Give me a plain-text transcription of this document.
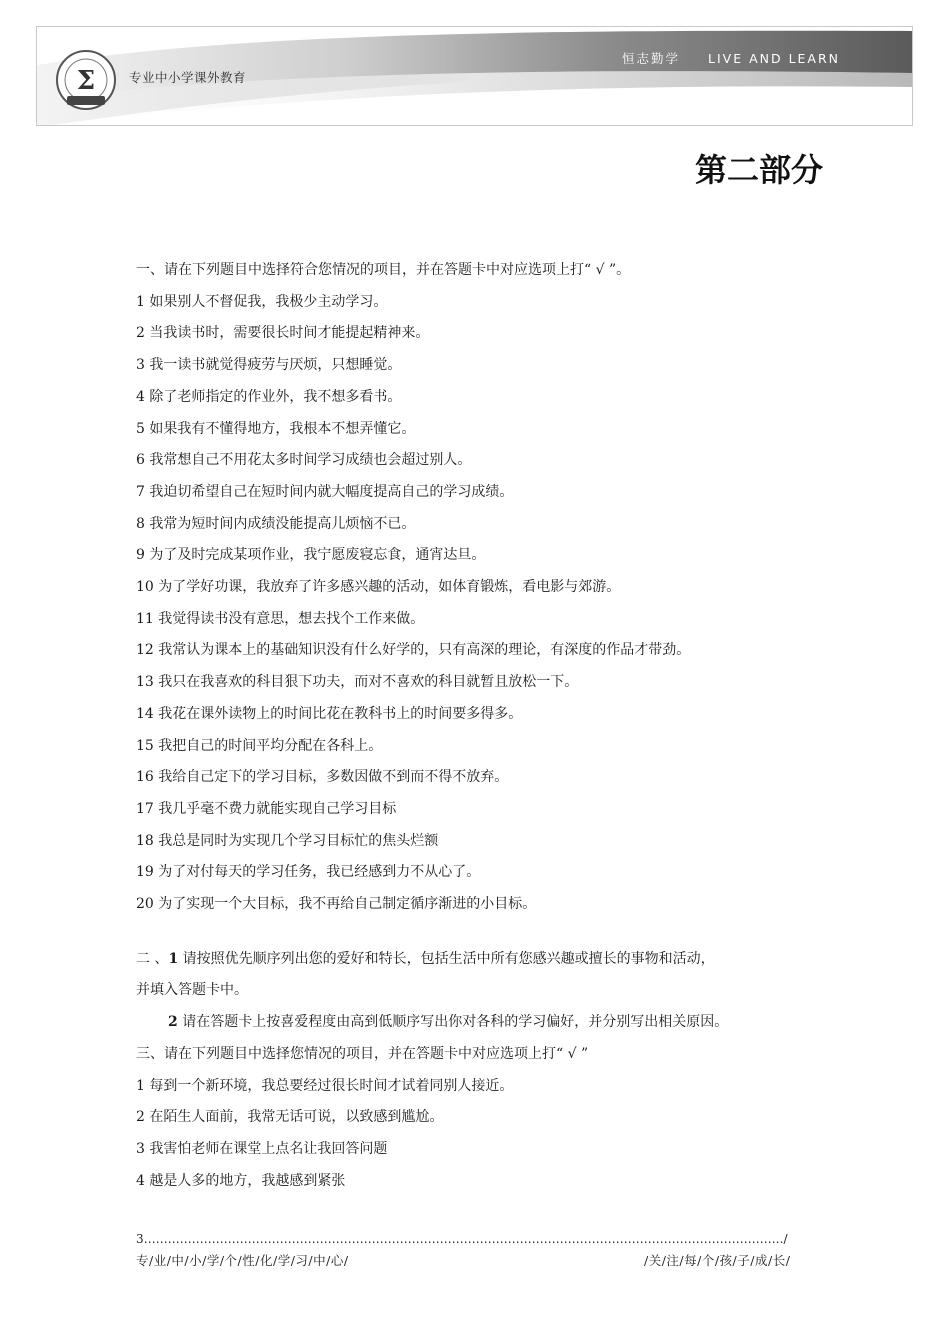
Σ	专业中小学课外教育
恒志勤学 LIVE AND LEARN
第二部分
一、请在下列题目中选择符合您情况的项目，并在答题卡中对应选项上打“ √ ”。
1 如果别人不督促我，我极少主动学习。
2 当我读书时，需要很长时间才能提起精神来。
3 我一读书就觉得疲劳与厌烦，只想睡觉。
4 除了老师指定的作业外，我不想多看书。
5 如果我有不懂得地方，我根本不想弄懂它。
6 我常想自己不用花太多时间学习成绩也会超过别人。
7 我迫切希望自己在短时间内就大幅度提高自己的学习成绩。
8 我常为短时间内成绩没能提高儿烦恼不已。
9 为了及时完成某项作业，我宁愿废寝忘食，通宵达旦。
10 为了学好功课，我放弃了许多感兴趣的活动，如体育锻炼，看电影与郊游。
11 我觉得读书没有意思，想去找个工作来做。
12 我常认为课本上的基础知识没有什么好学的，只有高深的理论，有深度的作品才带劲。
13 我只在我喜欢的科目狠下功夫，而对不喜欢的科目就暂且放松一下。
14 我花在课外读物上的时间比花在教科书上的时间要多得多。
15 我把自己的时间平均分配在各科上。
16 我给自己定下的学习目标，多数因做不到而不得不放弃。
17 我几乎毫不费力就能实现自己学习目标
18 我总是同时为实现几个学习目标忙的焦头烂额
19 为了对付每天的学习任务，我已经感到力不从心了。
20 为了实现一个大目标，我不再给自己制定循序渐进的小目标。
二 、1 请按照优先顺序列出您的爱好和特长，包括生活中所有您感兴趣或擅长的事物和活动，
并填入答题卡中。
2 请在答题卡上按喜爱程度由高到低顺序写出你对各科的学习偏好，并分别写出相关原因。
三、请在下列题目中选择您情况的项目，并在答题卡中对应选项上打“ √ ”
1 每到一个新环境，我总要经过很长时间才试着同别人接近。
2 在陌生人面前，我常无话可说，以致感到尴尬。
3 我害怕老师在课堂上点名让我回答问题
4 越是人多的地方，我越感到紧张
3……………………………………………………………………………………………………………………………………………./
专/业/中/小/学/个/性/化/学/习/中/心/	/关/注/每/个/孩/子/成/长/
